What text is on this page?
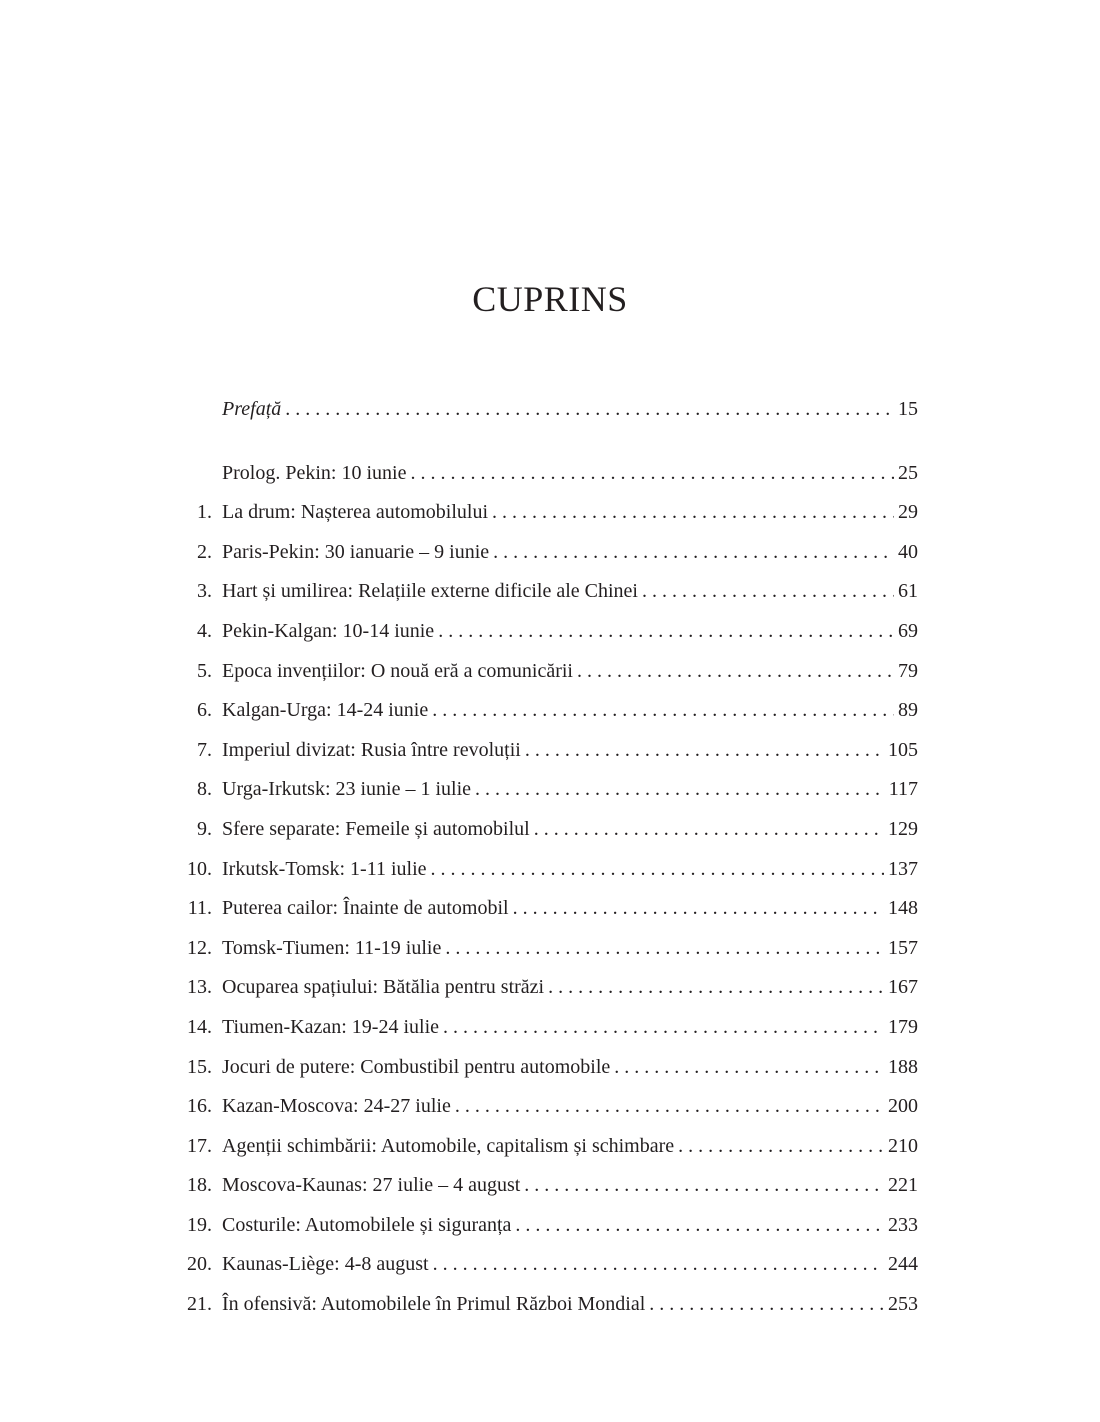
CUPRINS
Prefață . . .	15
Prolog. Pekin: 10 iunie . . .	25
1. La drum: Nașterea automobilului . . .	29
2. Paris-Pekin: 30 ianuarie – 9 iunie . . .	40
3. Hart și umilirea: Relațiile externe dificile ale Chinei . . .	61
4. Pekin-Kalgan: 10-14 iunie . . .	69
5. Epoca invențiilor: O nouă eră a comunicării . . .	79
6. Kalgan-Urga: 14-24 iunie . . .	89
7. Imperiul divizat: Rusia între revoluții . . .	105
8. Urga-Irkutsk: 23 iunie – 1 iulie . . .	117
9. Sfere separate: Femeile și automobilul . . .	129
10. Irkutsk-Tomsk: 1-11 iulie . . .	137
11. Puterea cailor: Înainte de automobil . . .	148
12. Tomsk-Tiumen: 11-19 iulie . . .	157
13. Ocuparea spațiului: Bătălia pentru străzi . . .	167
14. Tiumen-Kazan: 19-24 iulie . . .	179
15. Jocuri de putere: Combustibil pentru automobile . . .	188
16. Kazan-Moscova: 24-27 iulie . . .	200
17. Agenții schimbării: Automobile, capitalism și schimbare . . .	210
18. Moscova-Kaunas: 27 iulie – 4 august . . .	221
19. Costurile: Automobilele și siguranța . . .	233
20. Kaunas-Liège: 4-8 august . . .	244
21. În ofensivă: Automobilele în Primul Război Mondial . . .	253
